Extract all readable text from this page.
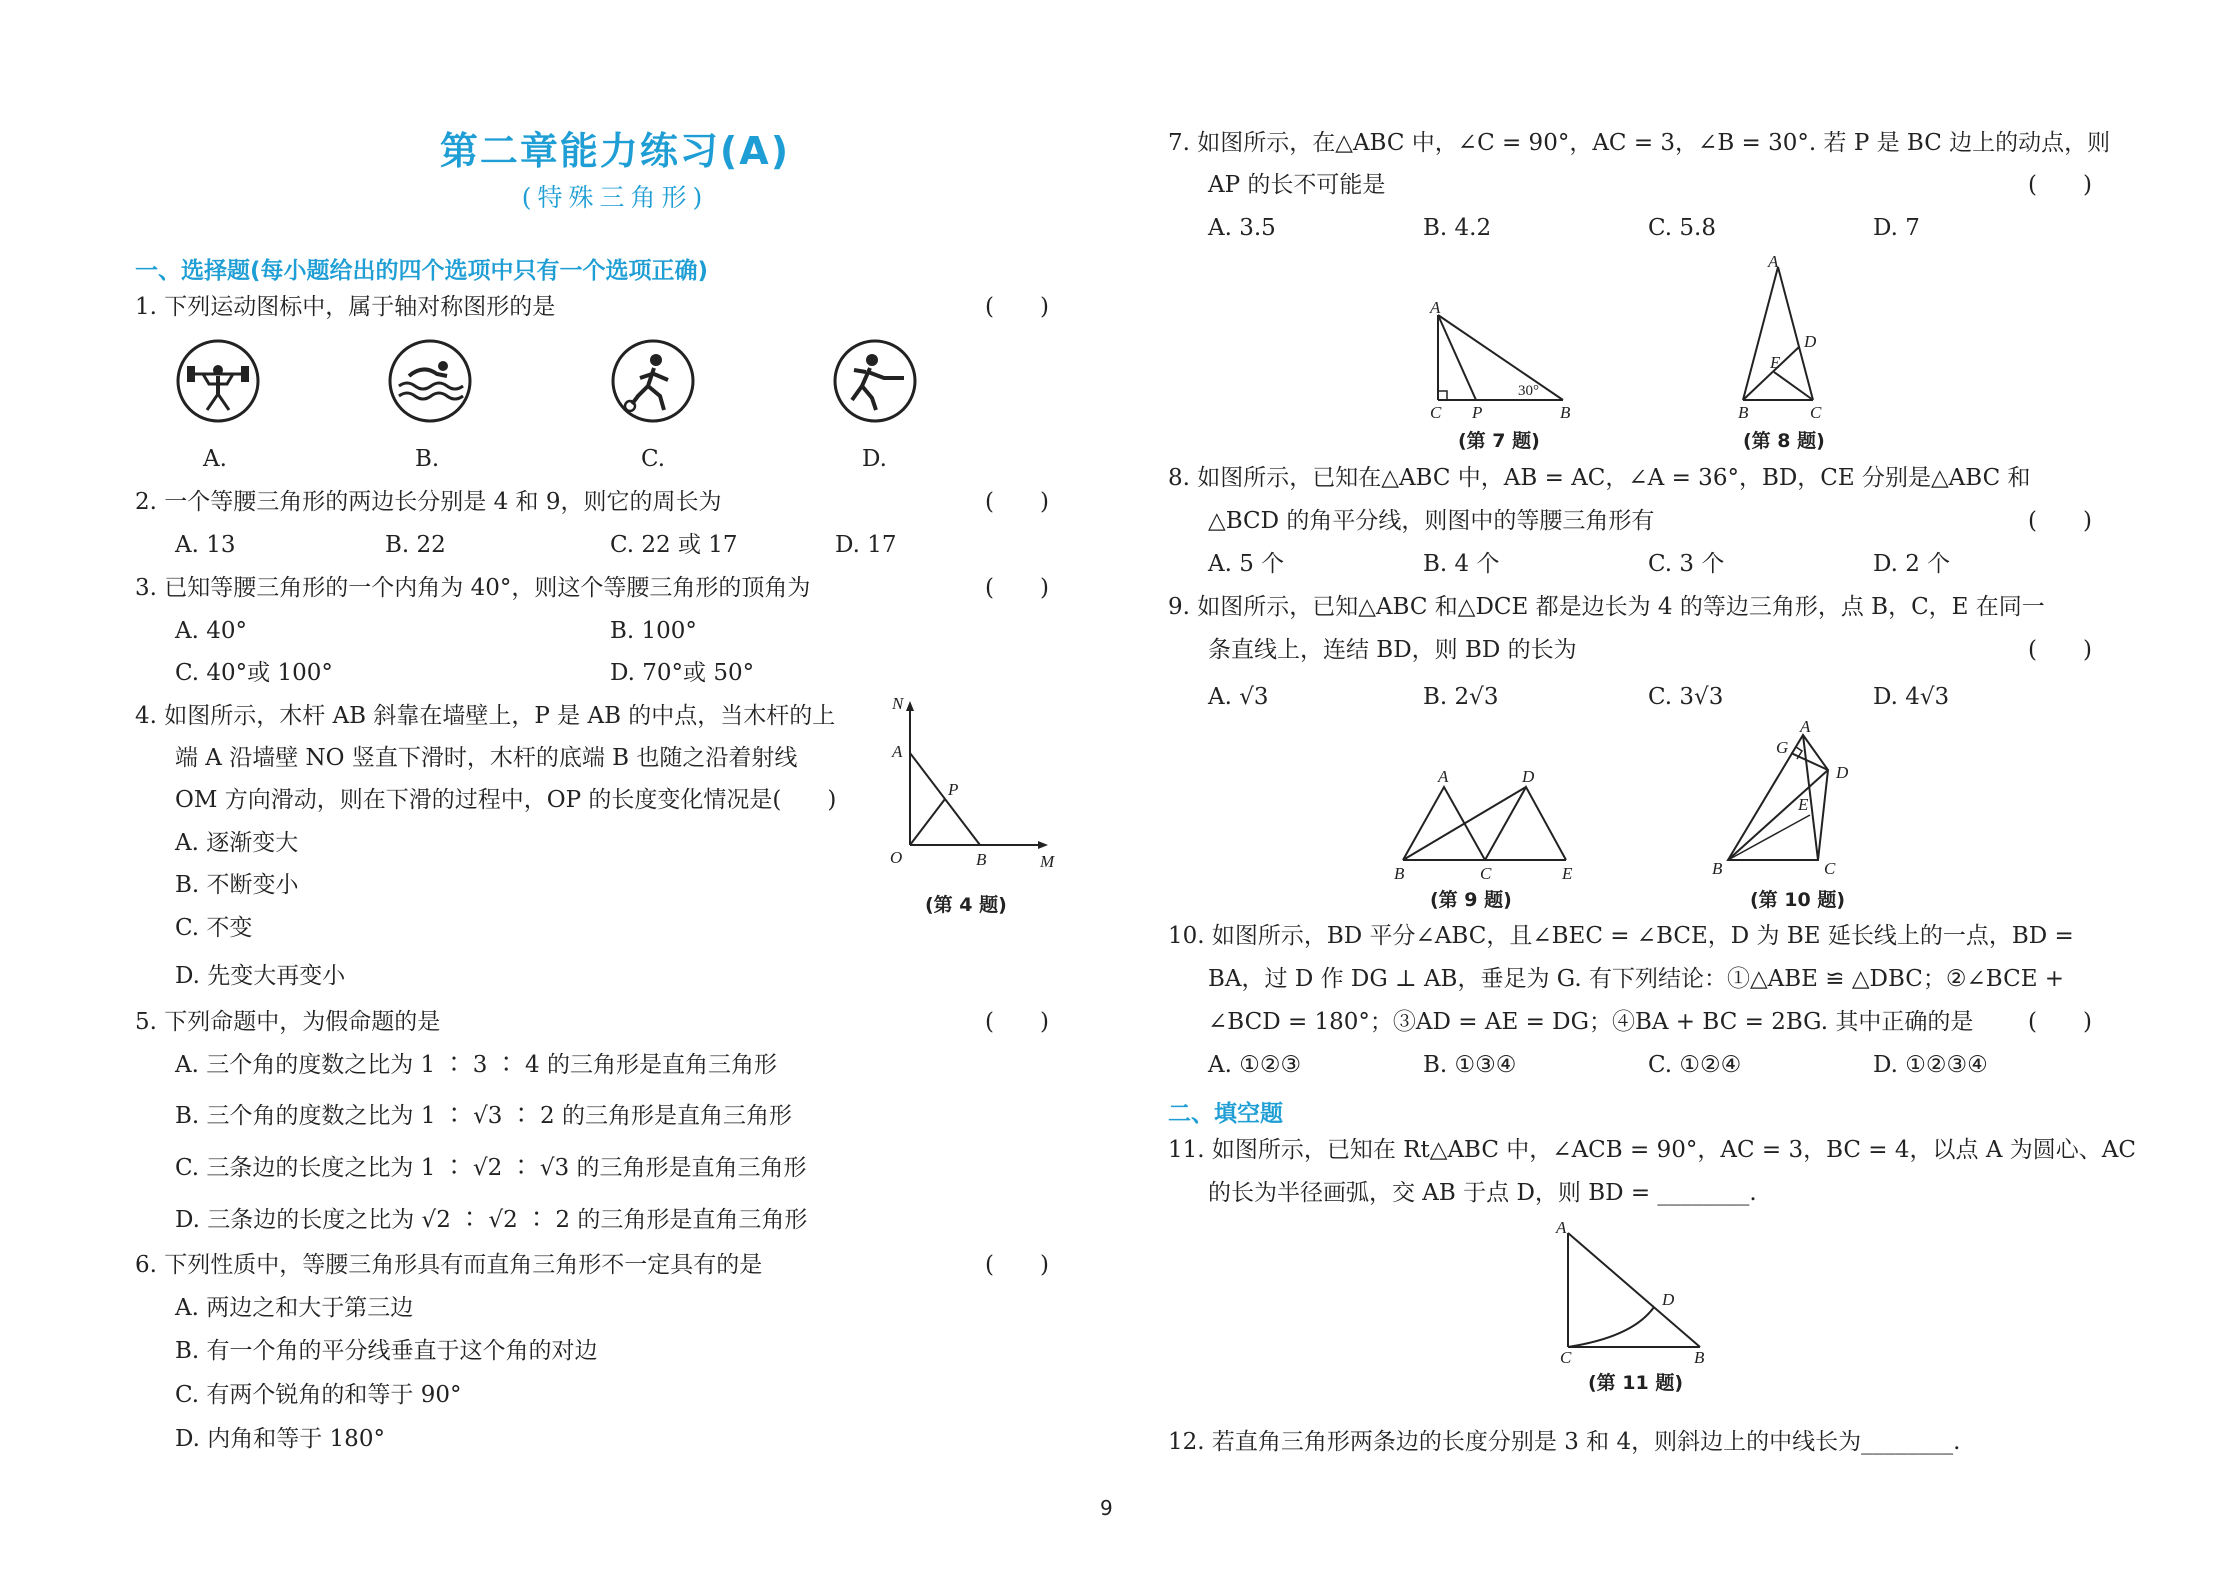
第二章能力练习(A)
(特殊三角形)
一、选择题(每小题给出的四个选项中只有一个选项正确)
1. 下列运动图标中，属于轴对称图形的是	(　　)
A.	B.	C.	D.
2. 一个等腰三角形的两边长分别是 4 和 9，则它的周长为	(　　)
A. 13	B. 22	C. 22 或 17	D. 17
3. 已知等腰三角形的一个内角为 40°，则这个等腰三角形的顶角为	(　　)
A. 40°	B. 100°
C. 40°或 100°	D. 70°或 50°
4. 如图所示，木杆 AB 斜靠在墙壁上，P 是 AB 的中点，当木杆的上
端 A 沿墙壁 NO 竖直下滑时，木杆的底端 B 也随之沿着射线
OM 方向滑动，则在下滑的过程中，OP 的长度变化情况是(　　)
A. 逐渐变大
B. 不断变小
C. 不变
D. 先变大再变小
N
A
P
O	B	M
(第 4 题)
5. 下列命题中，为假命题的是	(　　)
A. 三个角的度数之比为 1 ∶ 3 ∶ 4 的三角形是直角三角形
B. 三个角的度数之比为 1 ∶ √3 ∶ 2 的三角形是直角三角形
C. 三条边的长度之比为 1 ∶ √2 ∶ √3 的三角形是直角三角形
D. 三条边的长度之比为 √2 ∶ √2 ∶ 2 的三角形是直角三角形
6. 下列性质中，等腰三角形具有而直角三角形不一定具有的是	(　　)
A. 两边之和大于第三边
B. 有一个角的平分线垂直于这个角的对边
C. 有两个锐角的和等于 90°
D. 内角和等于 180°
7. 如图所示，在△ABC 中，∠C = 90°，AC = 3，∠B = 30°. 若 P 是 BC 边上的动点，则
AP 的长不可能是	(　　)
A. 3.5	B. 4.2	C. 5.8	D. 7
A
C P	B
30°
(第 7 题)
A
D
E
B	C
(第 8 题)
8. 如图所示，已知在△ABC 中，AB = AC，∠A = 36°，BD，CE 分别是△ABC 和
△BCD 的角平分线，则图中的等腰三角形有	(　　)
A. 5 个	B. 4 个	C. 3 个	D. 2 个
9. 如图所示，已知△ABC 和△DCE 都是边长为 4 的等边三角形，点 B，C，E 在同一
条直线上，连结 BD，则 BD 的长为	(　　)
A. √3	B. 2√3	C. 3√3	D. 4√3
A	D
B	C	E
(第 9 题)
G
A
D
E
B	C
(第 10 题)
10. 如图所示，BD 平分∠ABC，且∠BEC = ∠BCE，D 为 BE 延长线上的一点，BD =
BA，过 D 作 DG ⊥ AB，垂足为 G. 有下列结论：①△ABE ≌ △DBC；②∠BCE +
∠BCD = 180°；③AD = AE = DG；④BA + BC = 2BG. 其中正确的是 (　　)
A. ①②③	B. ①③④	C. ①②④	D. ①②③④
二、填空题
11. 如图所示，已知在 Rt△ABC 中，∠ACB = 90°，AC = 3，BC = 4，以点 A 为圆心、AC
的长为半径画弧，交 AB 于点 D，则 BD = ________.
A
D
C	B
(第 11 题)
12. 若直角三角形两条边的长度分别是 3 和 4，则斜边上的中线长为________.
9
